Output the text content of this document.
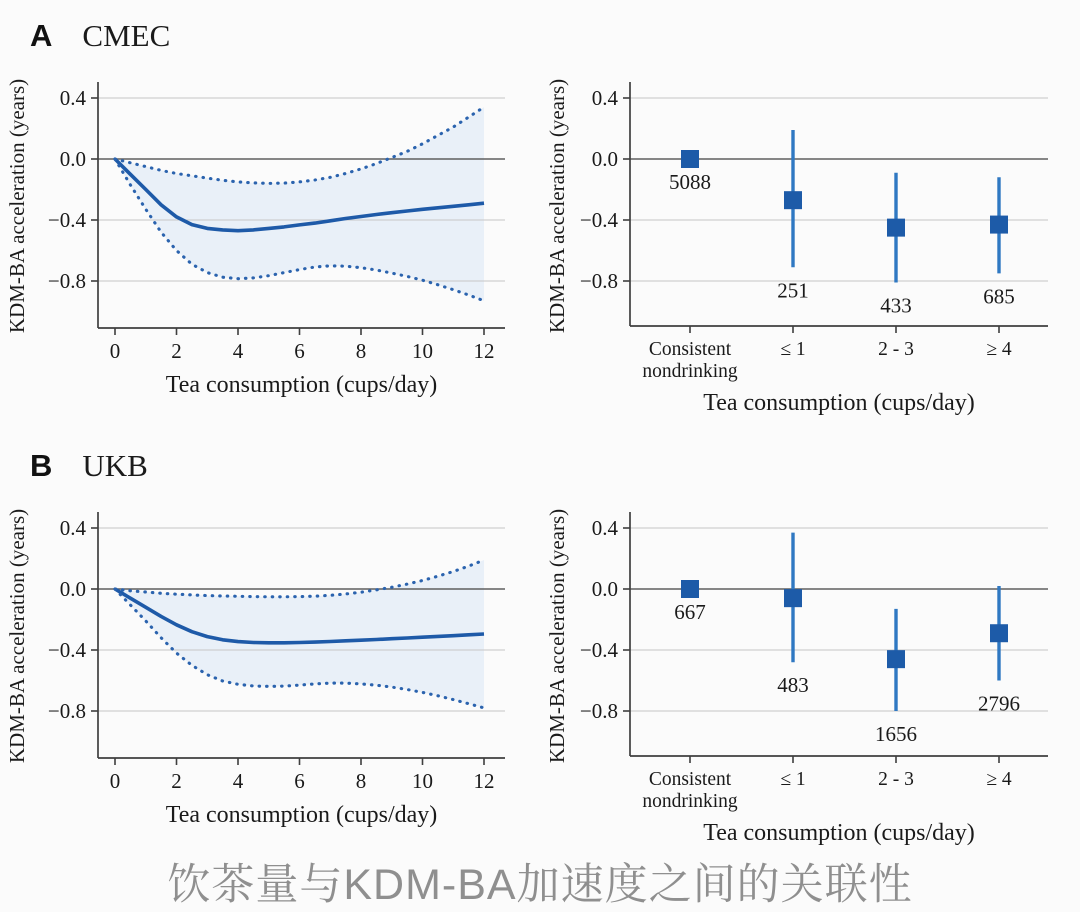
A CMEC
0.4
0.0
−0.4
−0.8
KDM-BA acceleration (years)
0 2 4 6 8 10 12
Tea consumption (cups/day)
0.4
0.0
−0.4
−0.8
KDM-BA acceleration (years)
Consistent
nondrinking
5088
≤ 1
251
2 - 3
433
≥ 4
685
Tea consumption (cups/day)
B UKB
0.4
0.0
−0.4
−0.8
KDM-BA acceleration (years)
0 2 4 6 8 10 12
Tea consumption (cups/day)
0.4
0.0
−0.4
−0.8
KDM-BA acceleration (years)
Consistent
nondrinking
667
≤ 1
483
2 - 3
1656
≥ 4
2796
Tea consumption (cups/day)
饮茶量与KDM-BA加速度之间的关联性
